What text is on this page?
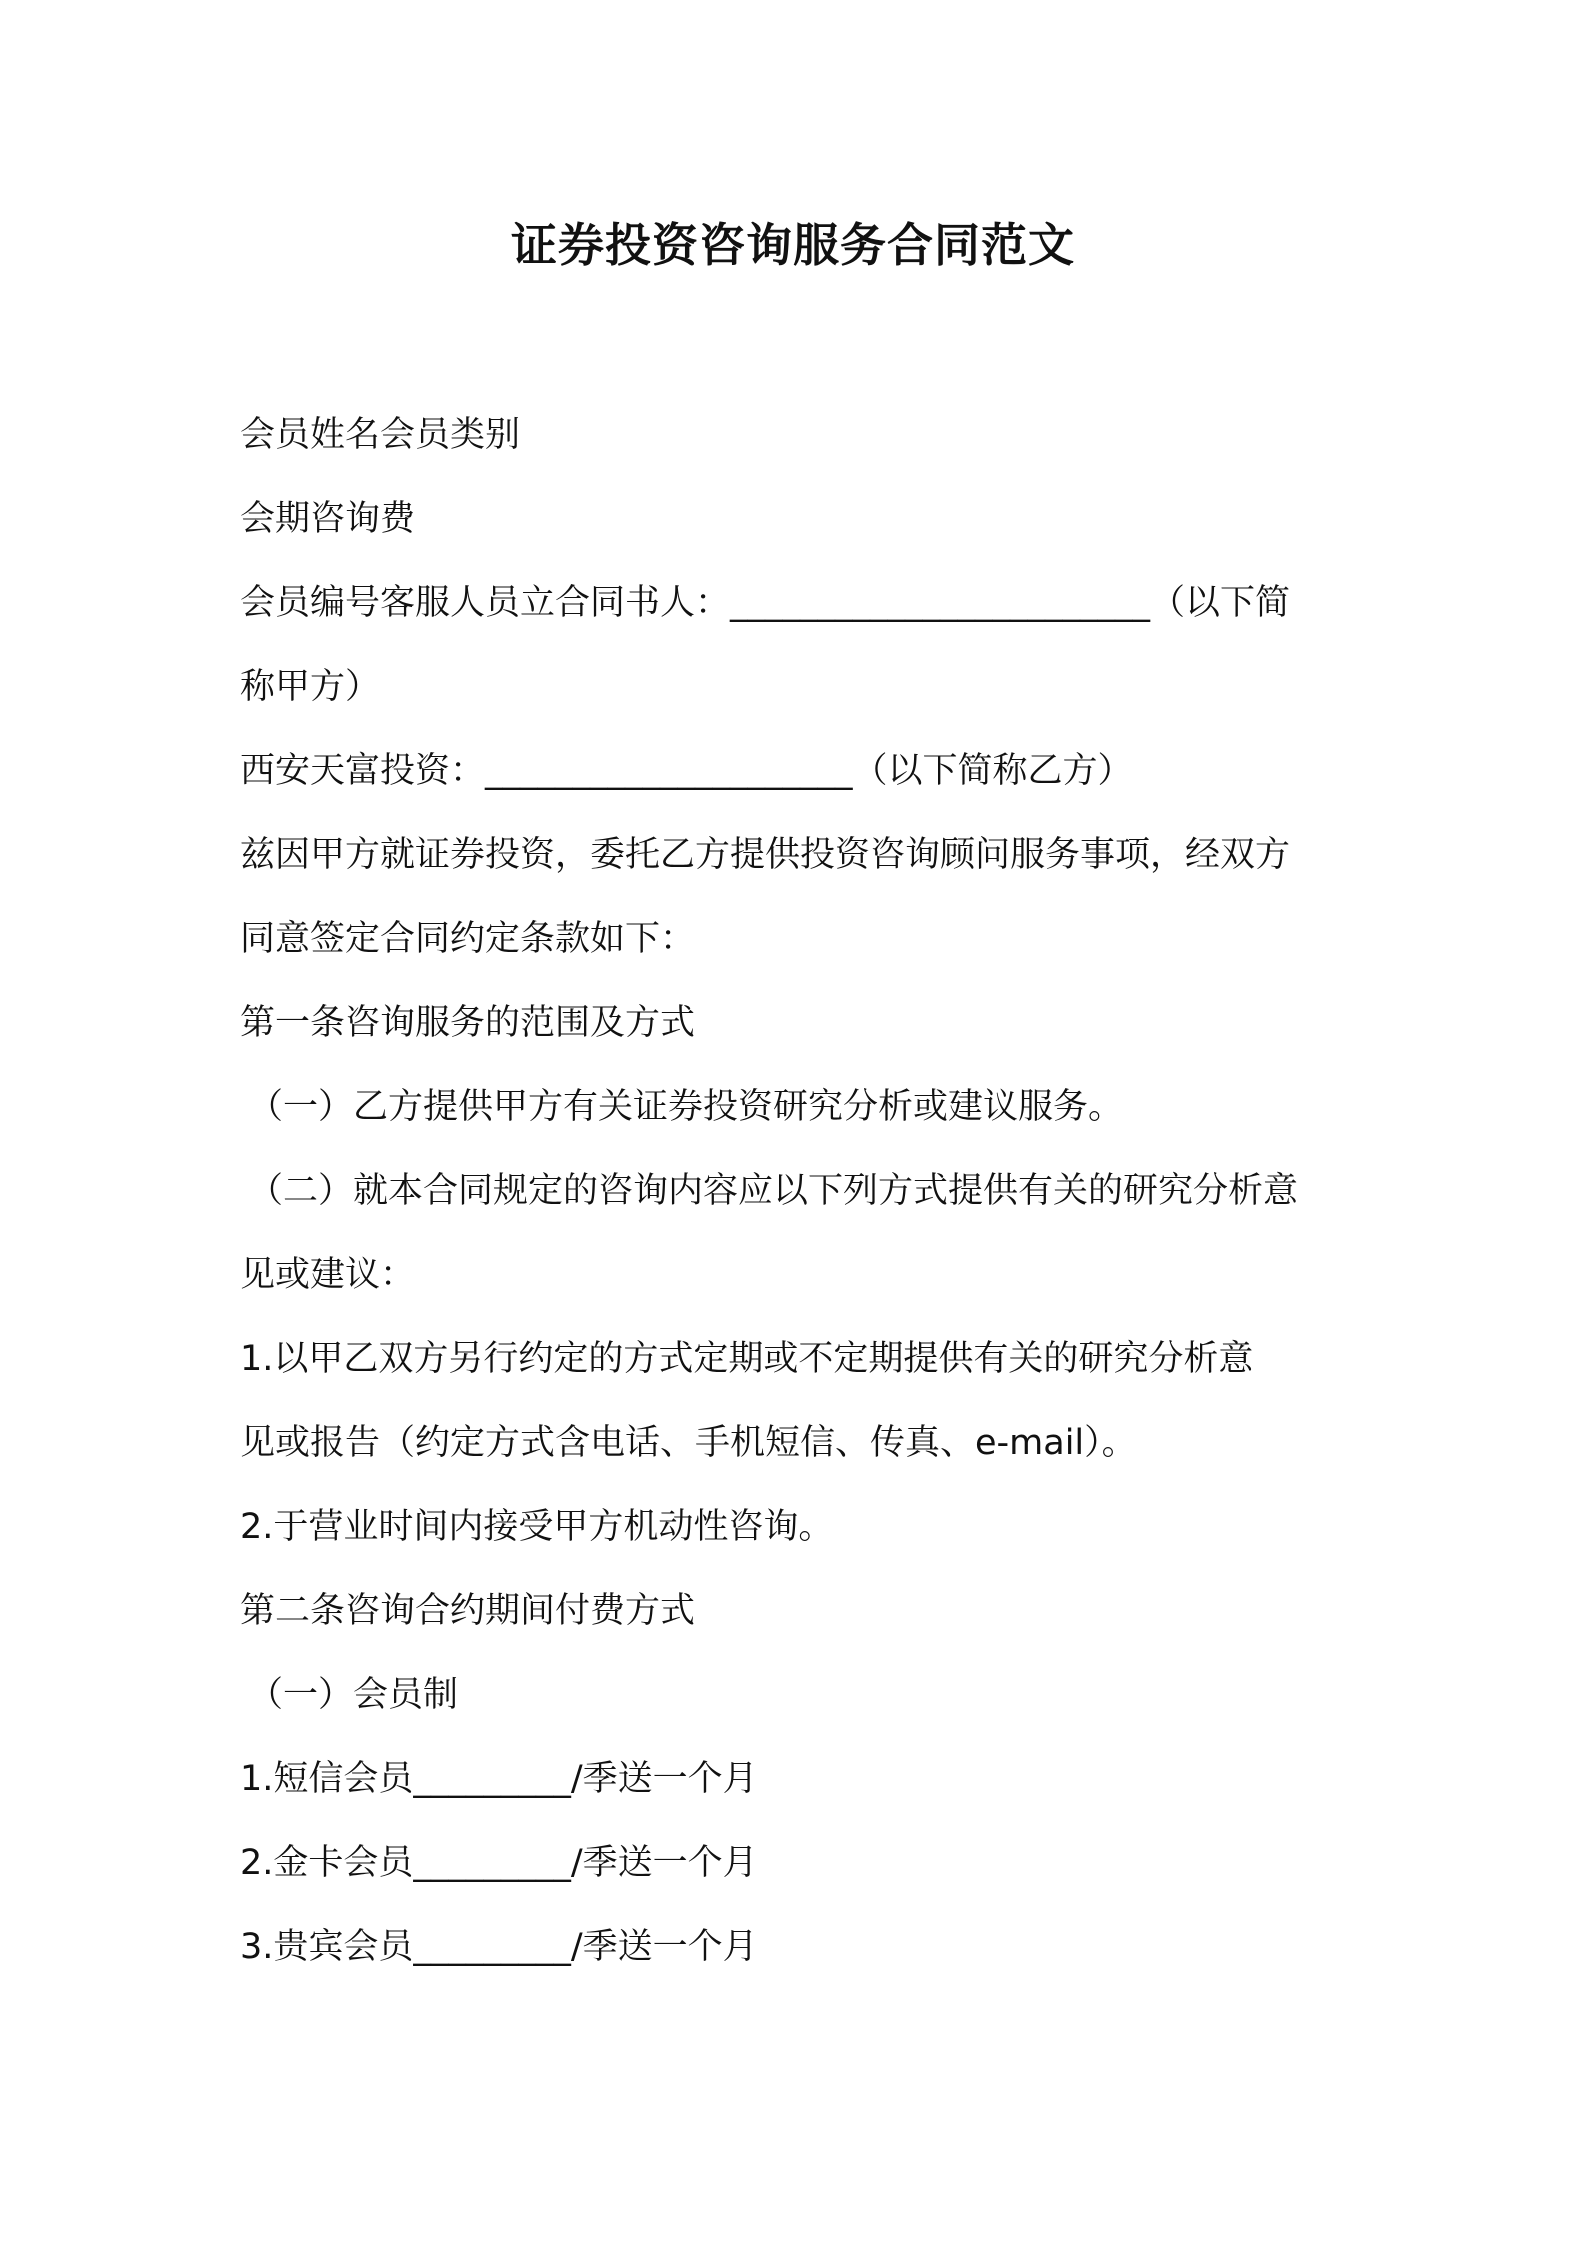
证券投资咨询服务合同范文
会员姓名会员类别
会期咨询费
会员编号客服人员立合同书人：________________________（以下简
称甲方）
西安天富投资：_____________________（以下简称乙方）
兹因甲方就证券投资，委托乙方提供投资咨询顾问服务事项，经双方
同意签定合同约定条款如下：
第一条咨询服务的范围及方式
（一）乙方提供甲方有关证券投资研究分析或建议服务。
（二）就本合同规定的咨询内容应以下列方式提供有关的研究分析意
见或建议：
1.以甲乙双方另行约定的方式定期或不定期提供有关的研究分析意
见或报告（约定方式含电话、手机短信、传真、e-mail）。
2.于营业时间内接受甲方机动性咨询。
第二条咨询合约期间付费方式
（一）会员制
1.短信会员_________/季送一个月
2.金卡会员_________/季送一个月
3.贵宾会员_________/季送一个月
